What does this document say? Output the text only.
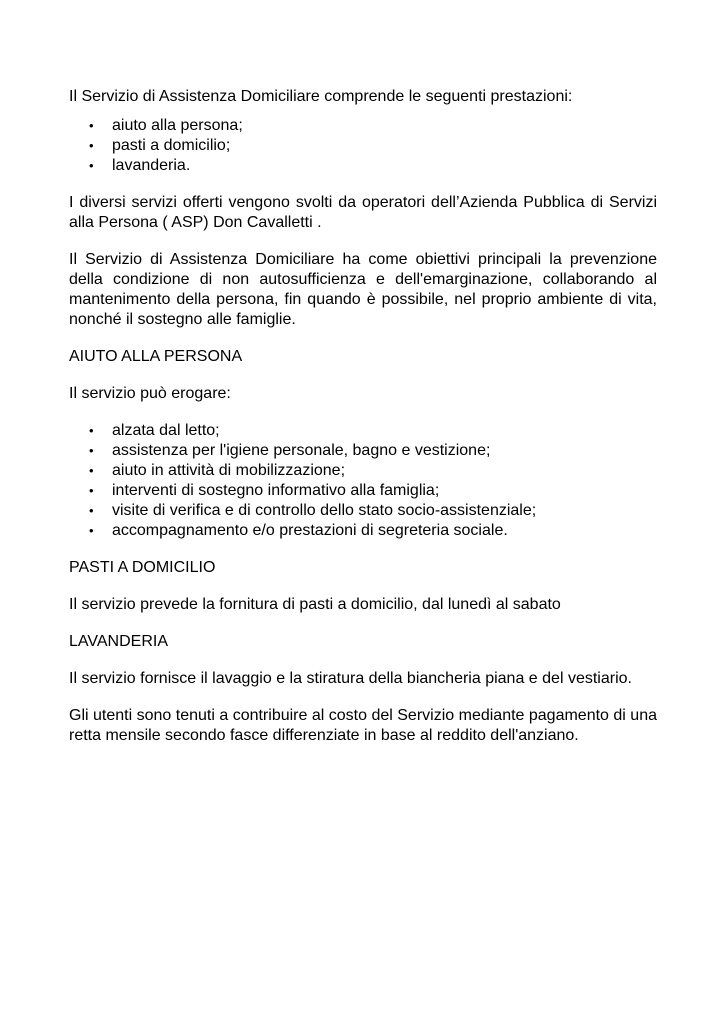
Il Servizio di Assistenza Domiciliare comprende le seguenti prestazioni:

• aiuto alla persona;
• pasti a domicilio;
• lavanderia.

I diversi servizi offerti vengono svolti da operatori dell’Azienda Pubblica di Servizi alla Persona ( ASP) Don Cavalletti .

Il Servizio di Assistenza Domiciliare ha come obiettivi principali la prevenzione della condizione di non autosufficienza e dell'emarginazione, collaborando al mantenimento della persona, fin quando è possibile, nel proprio ambiente di vita, nonché il sostegno alle famiglie.

AIUTO ALLA PERSONA

Il servizio può erogare:

• alzata dal letto;
• assistenza per l'igiene personale, bagno e vestizione;
• aiuto in attività di mobilizzazione;
• interventi di sostegno informativo alla famiglia;
• visite di verifica e di controllo dello stato socio-assistenziale;
• accompagnamento e/o prestazioni di segreteria sociale.

PASTI A DOMICILIO

Il servizio prevede la fornitura di pasti a domicilio, dal lunedì al sabato

LAVANDERIA

Il servizio fornisce il lavaggio e la stiratura della biancheria piana e del vestiario.

Gli utenti sono tenuti a contribuire al costo del Servizio mediante pagamento di una retta mensile secondo fasce differenziate in base al reddito dell'anziano.
